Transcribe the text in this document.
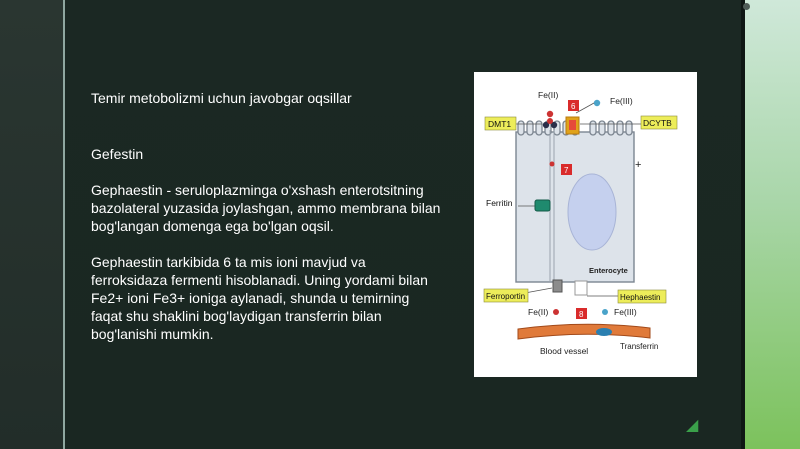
◢
Temir metobolizmi uchun javobgar oqsillar

Gefestin

Gephaestin - seruloplazminga o'xshash enterotsitning bazolateral yuzasida joylashgan, ammo membrana bilan bog'langan domenga ega bo'lgan oqsil.

Gephaestin tarkibida 6 ta mis ioni mavjud va ferroksidaza fermenti hisoblanadi. Uning yordami bilan Fe2+ ioni Fe3+ ioniga aylanadi, shunda u temirning faqat shu shaklini bog'laydigan transferrin bilan bog'lanishi mumkin.

Fe(II)
Fe(III)
6
DMT1	DCYTB
7	+
Ferritin
Enterocyte
Ferroportin	Hephaestin
Fe(II)	8	Fe(III)
Blood vessel	Transferrin
